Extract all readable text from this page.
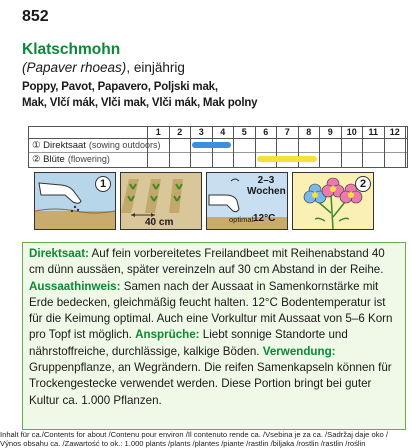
852
Klatschmohn
(Papaver rhoeas), einjährig
Poppy, Pavot, Papavero, Poljski mak,
Mak, Vlčí mák, Vlči mak, Vlči mák, Mak polny
① Direktsaat (sowing outdoors)
② Blüte (flowering)
1	2	3	4	5	6	7	8	9	10	11	12
1
40 cm
2–3
Wochen
optimal:
12°C
2
Direktsaat: Auf fein vorbereitetes Freilandbeet mit Reihenabstand 40 cm dünn aussäen, später vereinzeln auf 30 cm Abstand in der Reihe.
Aussaathinweis: Samen nach der Aussaat in Samenkornstärke mit Erde bedecken, gleichmäßig feucht halten. 12°C Bodentemperatur ist für die Keimung optimal. Auch eine Vorkultur mit Aussaat von 5–6 Korn pro Topf ist möglich. Ansprüche: Liebt sonnige Standorte und nährstoffreiche, durchlässige, kalkige Böden. Verwendung: Gruppenpflanze, an Wegrändern. Die reifen Samenkapseln können für Trockengestecke verwendet werden. Diese Portion bringt bei guter Kultur ca. 1.000 Pflanzen.
Inhalt für ca./Contents for about /Contenu pour environ /Il contenuto rende ca. /Vsebina je za ca. /Sadržaj daje oko /
Výnos obsahu ca. /Zawartość to ok.: 1.000 plants /plants /plantes /piante /rastlin /biljaka /rostlin /rastlin /roślin
